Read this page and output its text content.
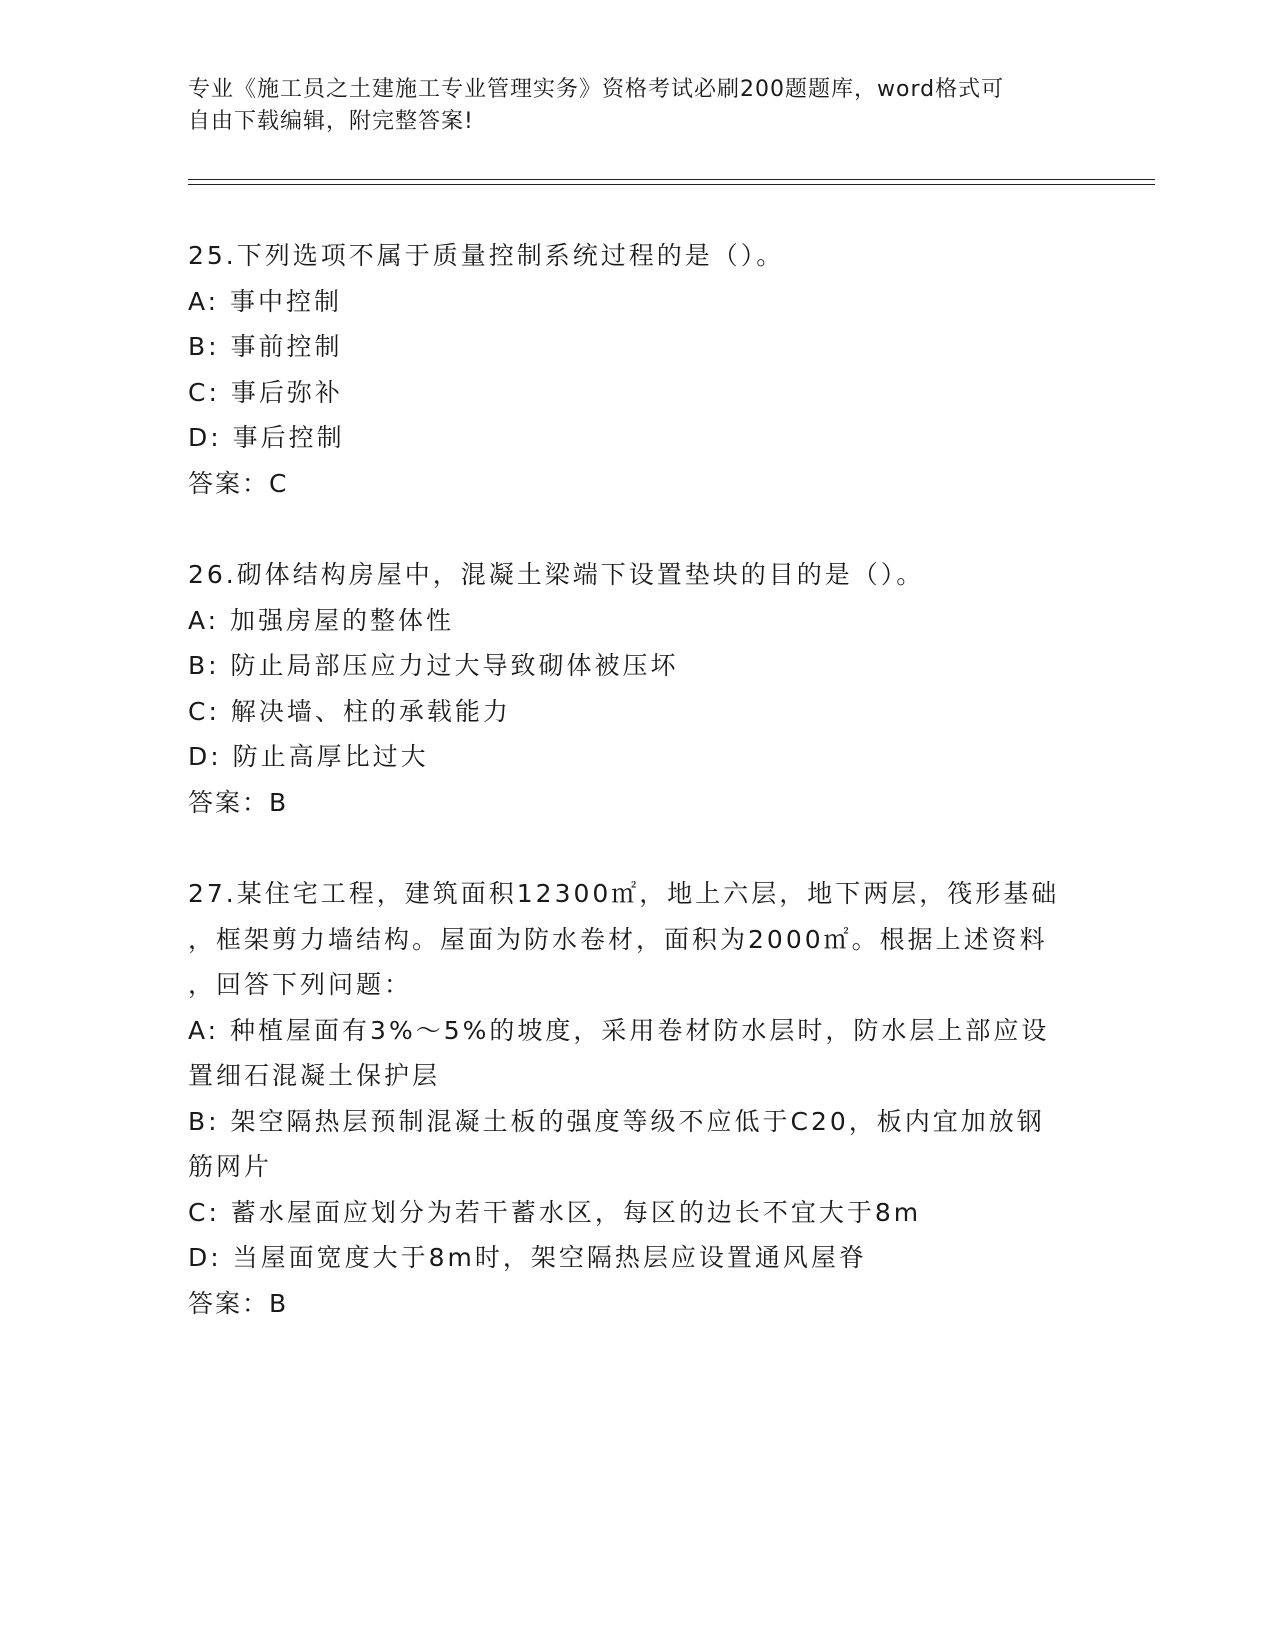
专业《施工员之土建施工专业管理实务》资格考试必刷200题题库，word格式可
自由下载编辑，附完整答案!
25.下列选项不属于质量控制系统过程的是（）。
A: 事中控制
B: 事前控制
C: 事后弥补
D: 事后控制
答案：C
26.砌体结构房屋中，混凝土梁端下设置垫块的目的是（）。
A: 加强房屋的整体性
B: 防止局部压应力过大导致砌体被压坏
C: 解决墙、柱的承载能力
D: 防止高厚比过大
答案：B
27.某住宅工程，建筑面积12300㎡，地上六层，地下两层，筏形基础
，框架剪力墙结构。屋面为防水卷材，面积为2000㎡。根据上述资料
，回答下列问题：
A: 种植屋面有3%～5%的坡度，采用卷材防水层时，防水层上部应设
置细石混凝土保护层
B: 架空隔热层预制混凝土板的强度等级不应低于C20，板内宜加放钢
筋网片
C: 蓄水屋面应划分为若干蓄水区，每区的边长不宜大于8m
D: 当屋面宽度大于8m时，架空隔热层应设置通风屋脊
答案：B
